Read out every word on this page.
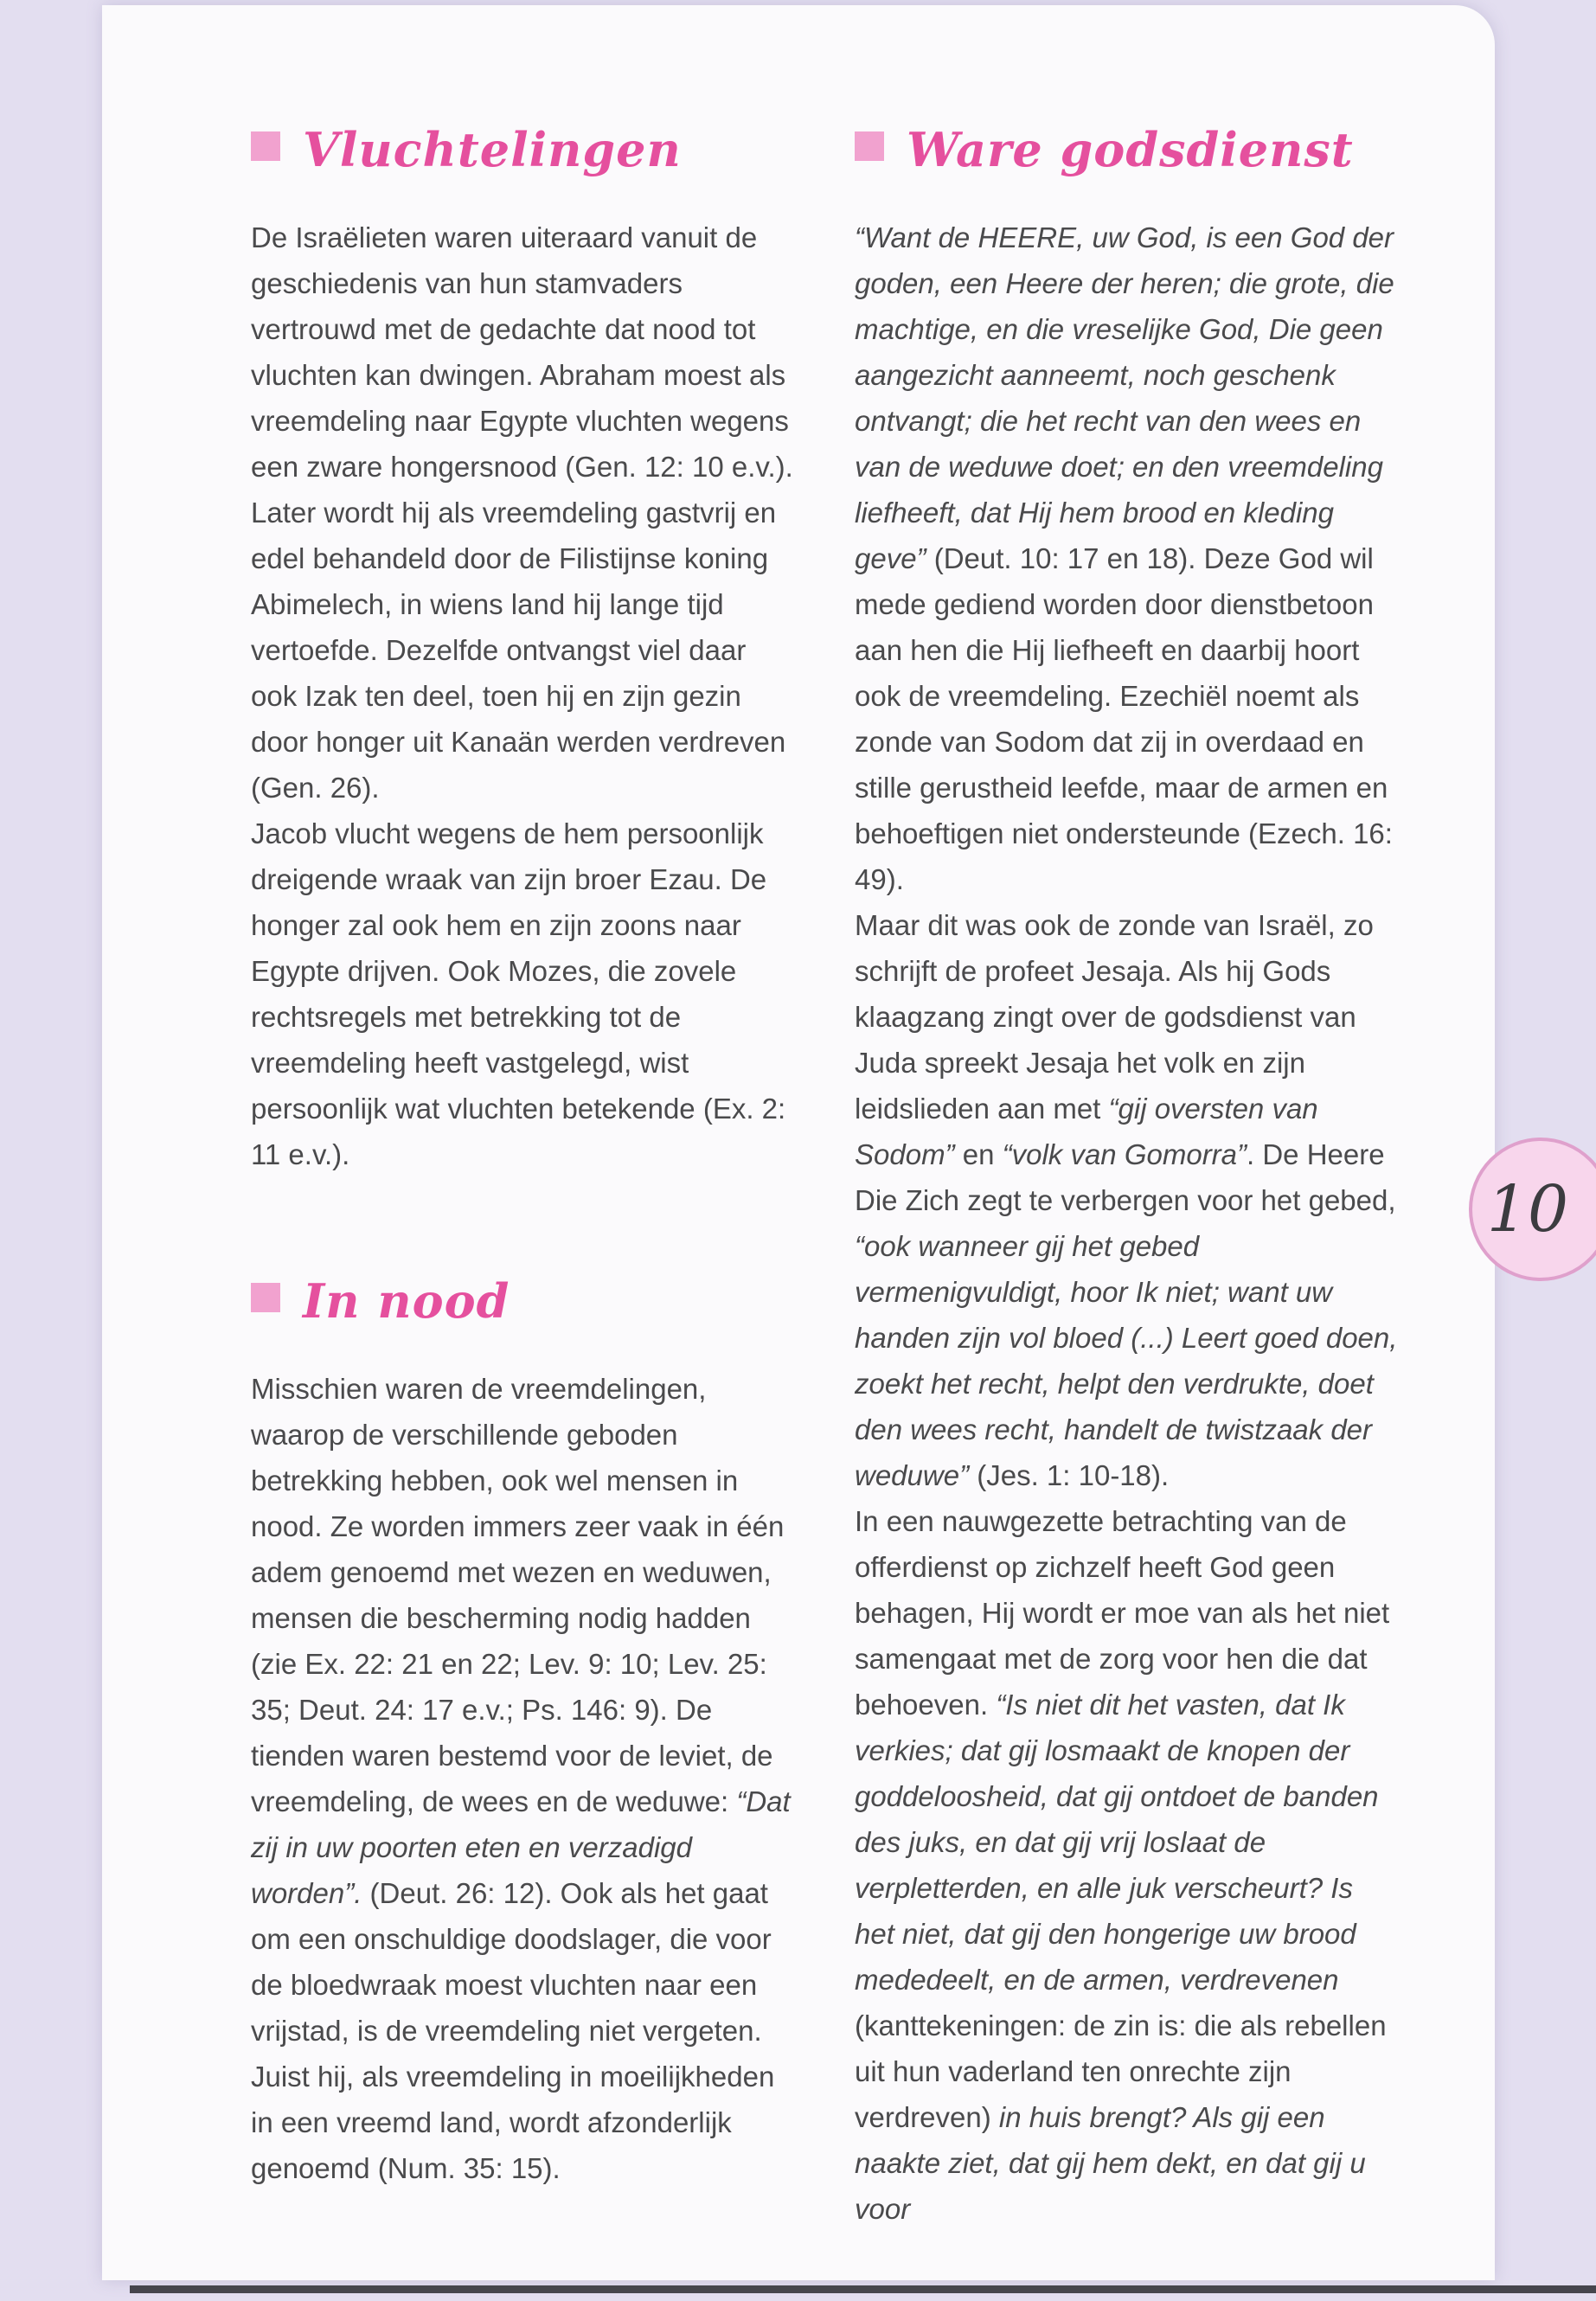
Vluchtelingen

De Israëlieten waren uiteraard vanuit de geschiedenis van hun stamvaders vertrouwd met de gedachte dat nood tot vluchten kan dwingen. Abraham moest als vreemdeling naar Egypte vluchten wegens een zware hongersnood (Gen. 12: 10 e.v.). Later wordt hij als vreemdeling gastvrij en edel behandeld door de Filistijnse koning Abimelech, in wiens land hij lange tijd vertoefde. Dezelfde ontvangst viel daar ook Izak ten deel, toen hij en zijn gezin door honger uit Kanaän werden verdreven (Gen. 26).

Jacob vlucht wegens de hem persoonlijk dreigende wraak van zijn broer Ezau. De honger zal ook hem en zijn zoons naar Egypte drijven. Ook Mozes, die zovele rechtsregels met betrekking tot de vreemdeling heeft vastgelegd, wist persoonlijk wat vluchten betekende (Ex. 2: 11 e.v.).

In nood

Misschien waren de vreemdelingen, waarop de verschillende geboden betrekking hebben, ook wel mensen in nood. Ze worden immers zeer vaak in één adem genoemd met wezen en weduwen, mensen die bescherming nodig hadden (zie Ex. 22: 21 en 22; Lev. 9: 10; Lev. 25: 35; Deut. 24: 17 e.v.; Ps. 146: 9). De tienden waren bestemd voor de leviet, de vreemdeling, de wees en de weduwe: “Dat zij in uw poorten eten en verzadigd worden”. (Deut. 26: 12). Ook als het gaat om een onschuldige doodslager, die voor de bloedwraak moest vluchten naar een vrijstad, is de vreemdeling niet vergeten. Juist hij, als vreemdeling in moeilijkheden in een vreemd land, wordt afzonderlijk genoemd (Num. 35: 15).

Ware godsdienst

“Want de HEERE, uw God, is een God der goden, een Heere der heren; die grote, die machtige, en die vreselijke God, Die geen aangezicht aanneemt, noch geschenk ontvangt; die het recht van den wees en van de weduwe doet; en den vreemdeling liefheeft, dat Hij hem brood en kleding geve” (Deut. 10: 17 en 18). Deze God wil mede gediend worden door dienstbetoon aan hen die Hij liefheeft en daarbij hoort ook de vreemdeling. Ezechiël noemt als zonde van Sodom dat zij in overdaad en stille gerustheid leefde, maar de armen en behoeftigen niet ondersteunde (Ezech. 16: 49).

Maar dit was ook de zonde van Israël, zo schrijft de profeet Jesaja. Als hij Gods klaagzang zingt over de godsdienst van Juda spreekt Jesaja het volk en zijn leidslieden aan met “gij oversten van Sodom” en “volk van Gomorra”. De Heere Die Zich zegt te verbergen voor het gebed, “ook wanneer gij het gebed vermenigvuldigt, hoor Ik niet; want uw handen zijn vol bloed (...) Leert goed doen, zoekt het recht, helpt den verdrukte, doet den wees recht, handelt de twistzaak der weduwe” (Jes. 1: 10-18).

In een nauwgezette betrachting van de offerdienst op zichzelf heeft God geen behagen, Hij wordt er moe van als het niet samengaat met de zorg voor hen die dat behoeven. “Is niet dit het vasten, dat Ik verkies; dat gij losmaakt de knopen der goddeloosheid, dat gij ontdoet de banden des juks, en dat gij vrij loslaat de verpletterden, en alle juk verscheurt? Is het niet, dat gij den hongerige uw brood mededeelt, en de armen, verdrevenen (kanttekeningen: de zin is: die als rebellen uit hun vaderland ten onrechte zijn verdreven) in huis brengt? Als gij een naakte ziet, dat gij hem dekt, en dat gij u voor

10
